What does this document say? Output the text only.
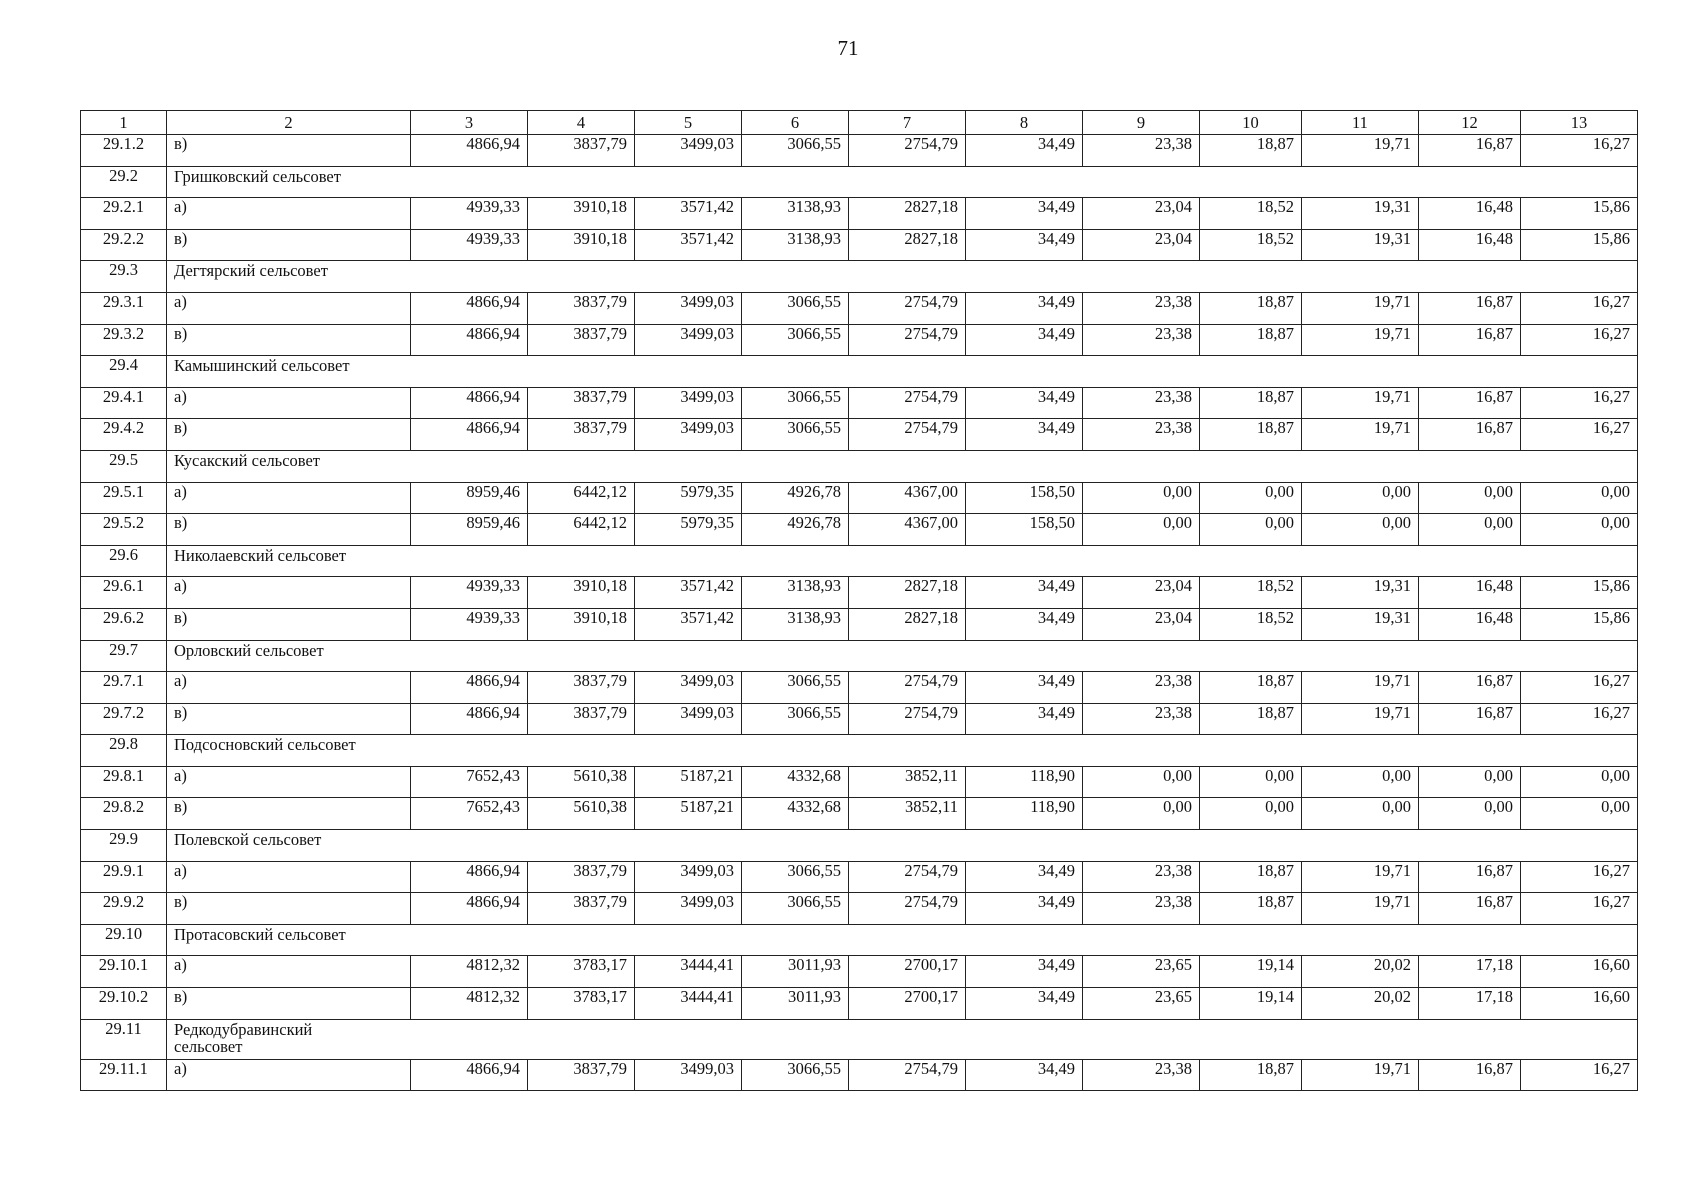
71
1	2	3	4	5	6	7	8	9	10	11	12	13
29.1.2	в)	4866,94	3837,79	3499,03	3066,55	2754,79	34,49	23,38	18,87	19,71	16,87	16,27
29.2	Гришковский сельсовет											
29.2.1	а)	4939,33	3910,18	3571,42	3138,93	2827,18	34,49	23,04	18,52	19,31	16,48	15,86
29.2.2	в)	4939,33	3910,18	3571,42	3138,93	2827,18	34,49	23,04	18,52	19,31	16,48	15,86
29.3	Дегтярский сельсовет											
29.3.1	а)	4866,94	3837,79	3499,03	3066,55	2754,79	34,49	23,38	18,87	19,71	16,87	16,27
29.3.2	в)	4866,94	3837,79	3499,03	3066,55	2754,79	34,49	23,38	18,87	19,71	16,87	16,27
29.4	Камышинский сельсовет											
29.4.1	а)	4866,94	3837,79	3499,03	3066,55	2754,79	34,49	23,38	18,87	19,71	16,87	16,27
29.4.2	в)	4866,94	3837,79	3499,03	3066,55	2754,79	34,49	23,38	18,87	19,71	16,87	16,27
29.5	Кусакский сельсовет											
29.5.1	а)	8959,46	6442,12	5979,35	4926,78	4367,00	158,50	0,00	0,00	0,00	0,00	0,00
29.5.2	в)	8959,46	6442,12	5979,35	4926,78	4367,00	158,50	0,00	0,00	0,00	0,00	0,00
29.6	Николаевский сельсовет											
29.6.1	а)	4939,33	3910,18	3571,42	3138,93	2827,18	34,49	23,04	18,52	19,31	16,48	15,86
29.6.2	в)	4939,33	3910,18	3571,42	3138,93	2827,18	34,49	23,04	18,52	19,31	16,48	15,86
29.7	Орловский сельсовет											
29.7.1	а)	4866,94	3837,79	3499,03	3066,55	2754,79	34,49	23,38	18,87	19,71	16,87	16,27
29.7.2	в)	4866,94	3837,79	3499,03	3066,55	2754,79	34,49	23,38	18,87	19,71	16,87	16,27
29.8	Подсосновский сельсовет											
29.8.1	а)	7652,43	5610,38	5187,21	4332,68	3852,11	118,90	0,00	0,00	0,00	0,00	0,00
29.8.2	в)	7652,43	5610,38	5187,21	4332,68	3852,11	118,90	0,00	0,00	0,00	0,00	0,00
29.9	Полевской сельсовет											
29.9.1	а)	4866,94	3837,79	3499,03	3066,55	2754,79	34,49	23,38	18,87	19,71	16,87	16,27
29.9.2	в)	4866,94	3837,79	3499,03	3066,55	2754,79	34,49	23,38	18,87	19,71	16,87	16,27
29.10	Протасовский сельсовет											
29.10.1	а)	4812,32	3783,17	3444,41	3011,93	2700,17	34,49	23,65	19,14	20,02	17,18	16,60
29.10.2	в)	4812,32	3783,17	3444,41	3011,93	2700,17	34,49	23,65	19,14	20,02	17,18	16,60
29.11	Редкодубравинский сельсовет											
29.11.1	а)	4866,94	3837,79	3499,03	3066,55	2754,79	34,49	23,38	18,87	19,71	16,87	16,27
